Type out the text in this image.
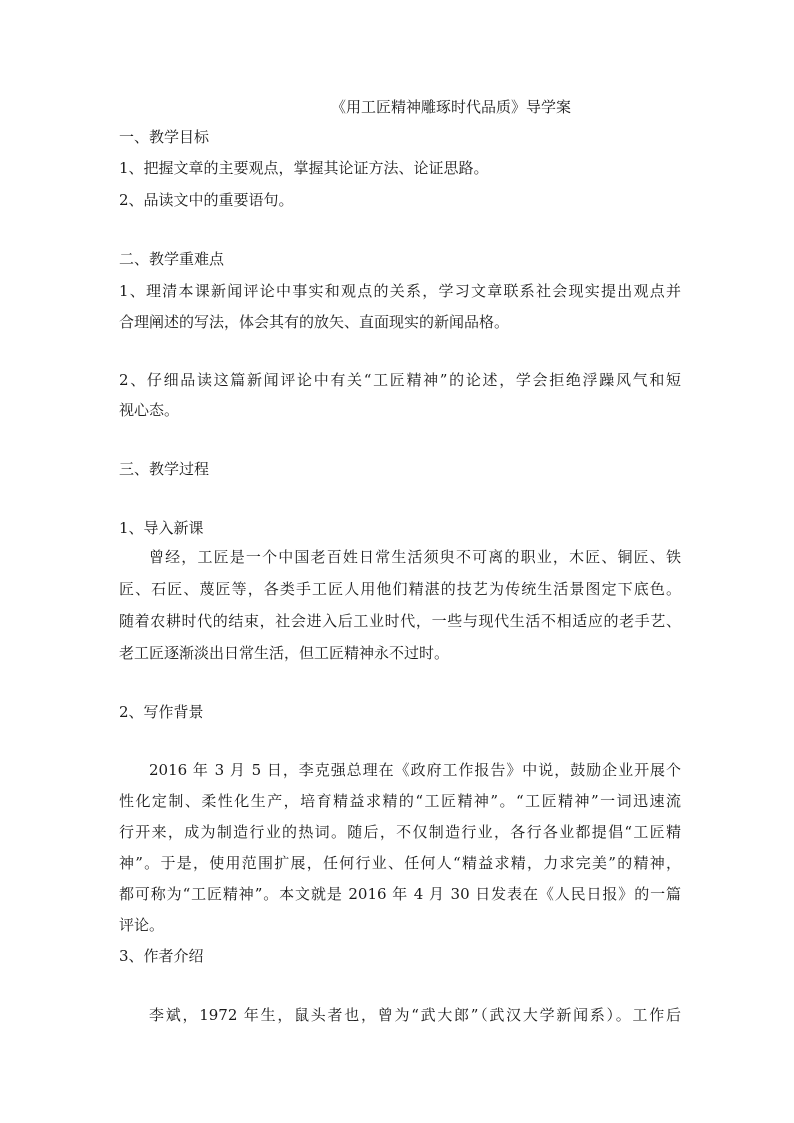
《用工匠精神雕琢时代品质》导学案
一、教学目标
1、把握文章的主要观点，掌握其论证方法、论证思路。
2、品读文中的重要语句。
二、教学重难点
1、理清本课新闻评论中事实和观点的关系，学习文章联系社会现实提出观点并
合理阐述的写法，体会其有的放矢、直面现实的新闻品格。
2、仔细品读这篇新闻评论中有关“工匠精神”的论述，学会拒绝浮躁风气和短
视心态。
三、教学过程
1、导入新课
曾经，工匠是一个中国老百姓日常生活须臾不可离的职业，木匠、铜匠、铁
匠、石匠、蔑匠等，各类手工匠人用他们精湛的技艺为传统生活景图定下底色。
随着农耕时代的结束，社会进入后工业时代，一些与现代生活不相适应的老手艺、
老工匠逐渐淡出日常生活，但工匠精神永不过时。
2、写作背景
2016 年 3 月 5 日，李克强总理在《政府工作报告》中说，鼓励企业开展个
性化定制、柔性化生产，培育精益求精的“工匠精神”。“工匠精神”一词迅速流
行开来，成为制造行业的热词。随后，不仅制造行业，各行各业都提倡“工匠精
神”。于是，使用范围扩展，任何行业、任何人“精益求精，力求完美”的精神，
都可称为“工匠精神”。本文就是 2016 年 4 月 30 日发表在《人民日报》的一篇
评论。
3、作者介绍
李斌，1972 年生，鼠头者也，曾为“武大郎”（武汉大学新闻系）。工作后
